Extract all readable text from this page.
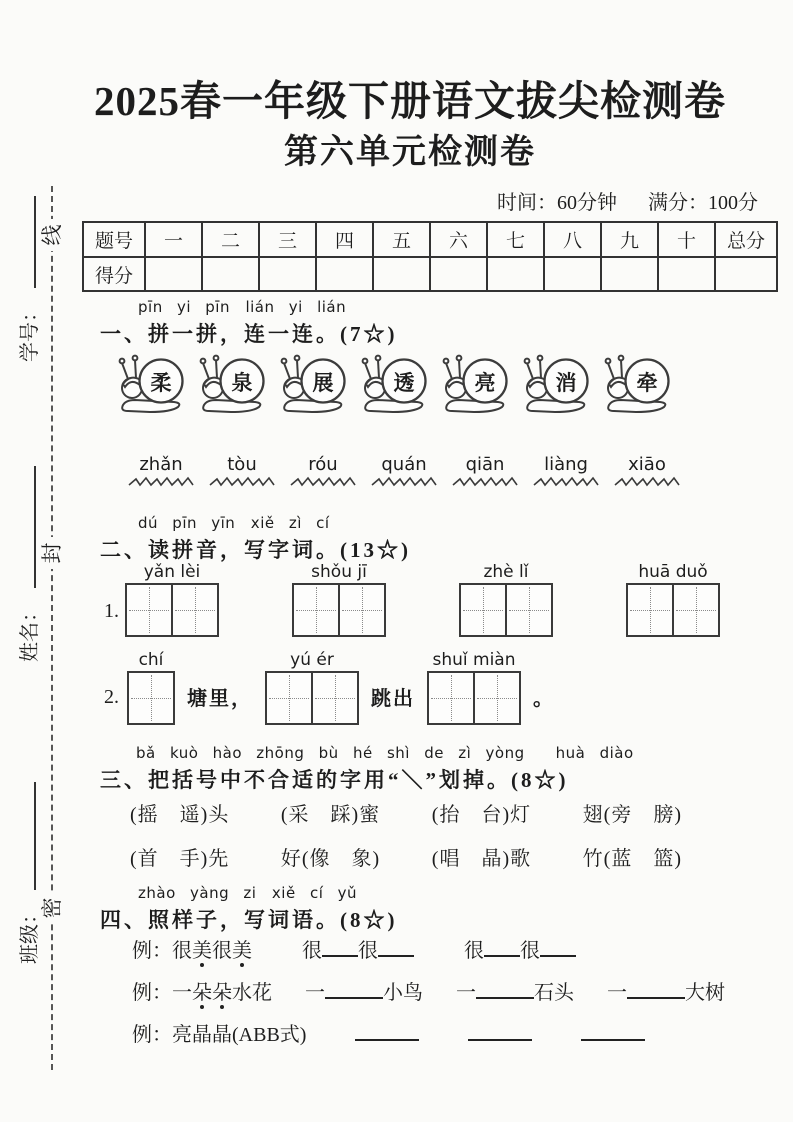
线
封
密
学号：
姓名：
班级：
2025春一年级下册语文拔尖检测卷
第六单元检测卷
时间：60分钟 满分：100分
题号	一	二	三	四	五	六	七	八	九	十	总分
得分											
pīn yi pīn　lián yi lián
一、拼一拼，连一连。(7☆)
柔	泉	展	透	亮	消	牵
zhǎn tòu	róu quán qiān liàng xiāo
dú pīn yīn　xiě zì cí
二、读拼音，写字词。(13☆)
1.
yǎn lèi	shǒu jī	zhè lǐ	huā duǒ
2.
chí
塘里，
yú ér
跳出
shuǐ miàn
。
bǎ kuò hào zhōng bù hé shì de zì yòng　　huà diào
三、把括号中不合适的字用“＼”划掉。(8☆)
(摇　遥)头	(采　踩)蜜	(抬　台)灯	翅(旁　膀)
(首　手)先	好(像　象)	(唱　晶)歌	竹(蓝　篮)
zhào yàng zi　xiě cí yǔ
四、照样子，写词语。(8☆)
例：很美很美	很 很	很 很
例：一朵朵水花 一	小鸟 一	石头 一	大树
例：亮晶晶(ABB式)
